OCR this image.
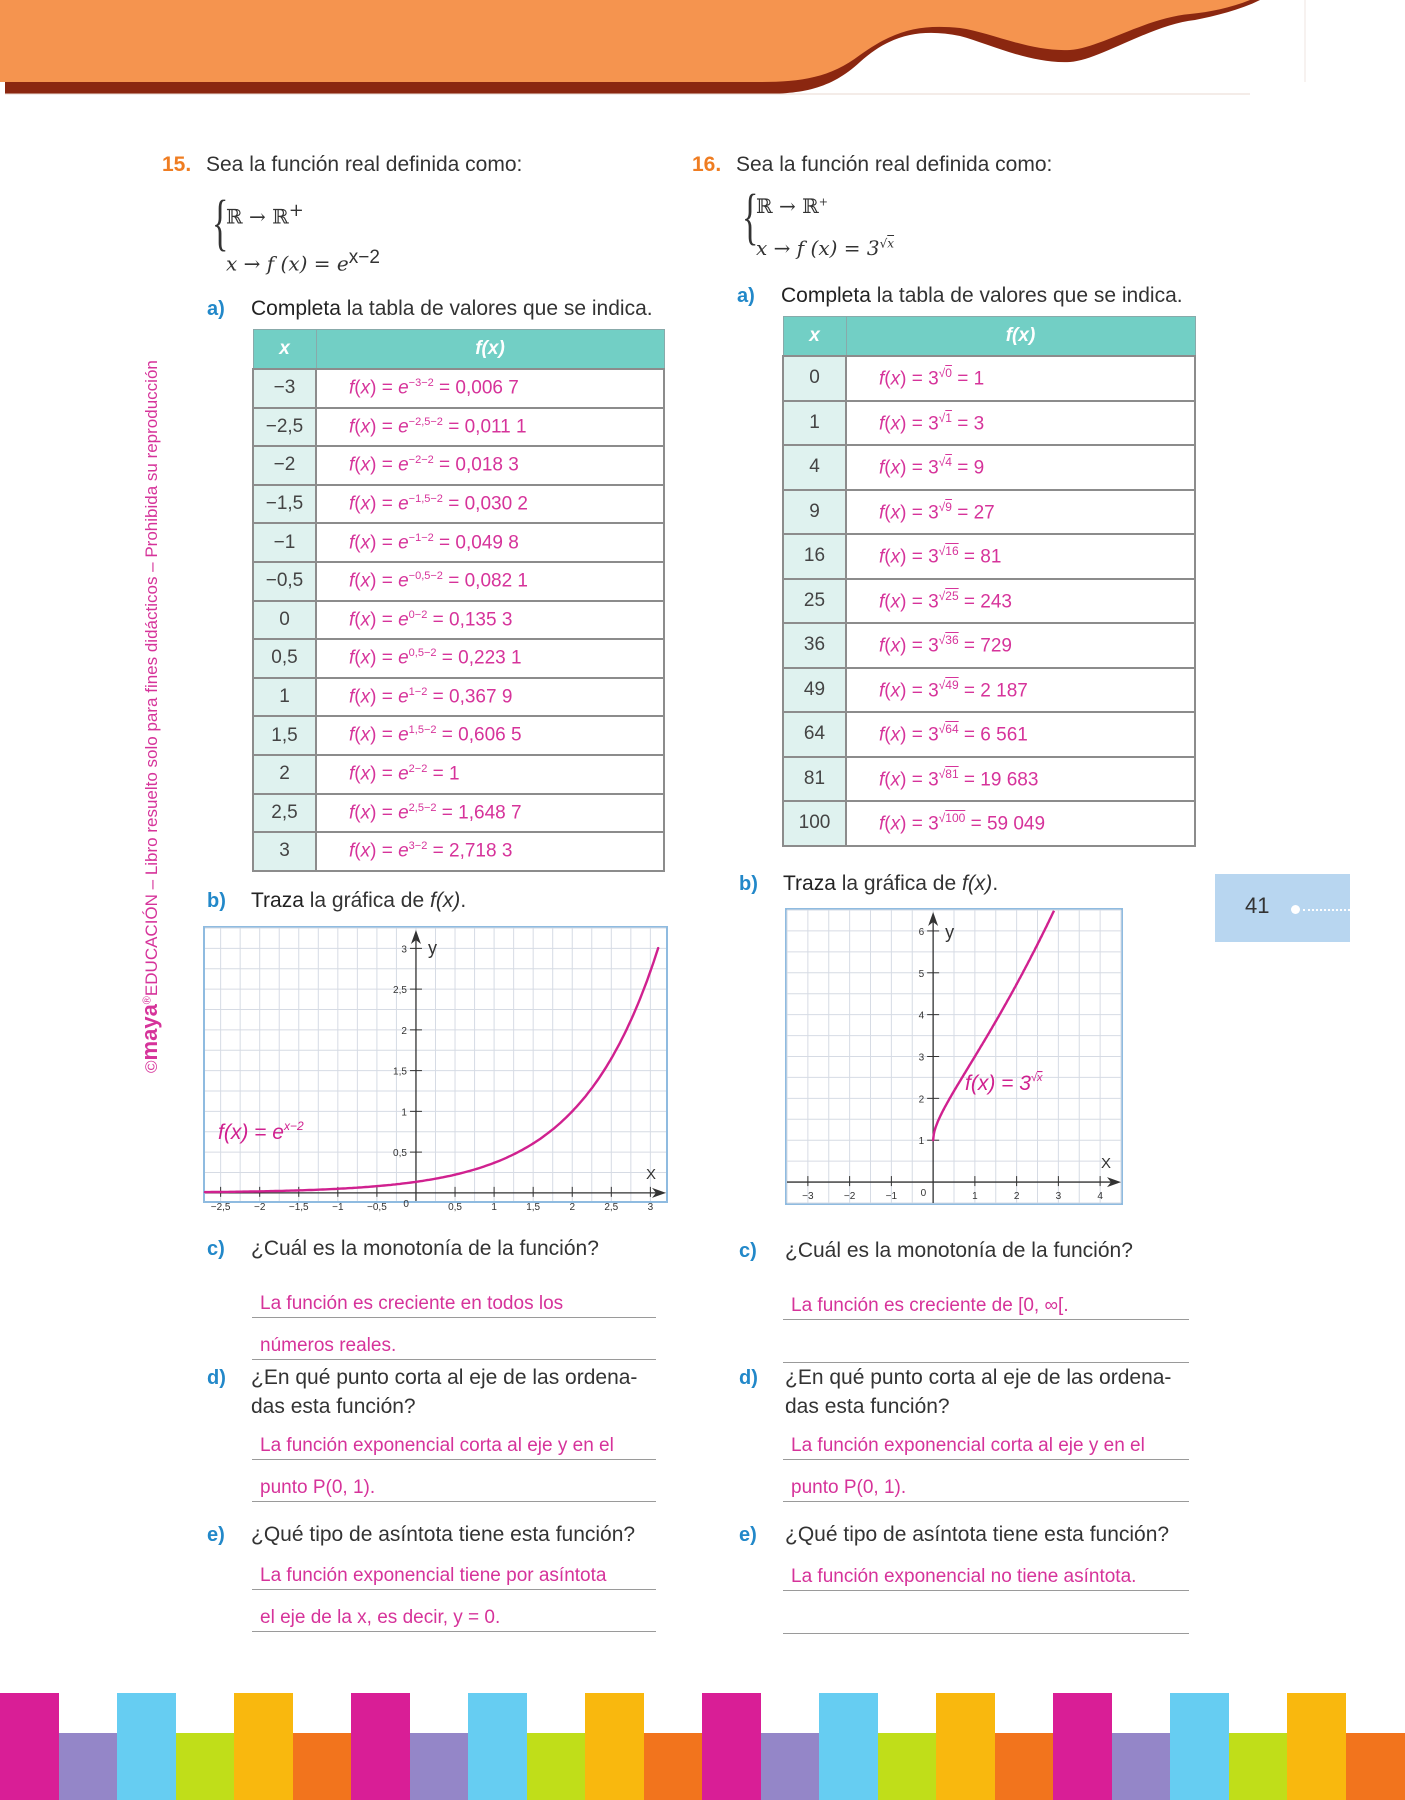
©maya®EDUCACIÓN – Libro resuelto solo para fines didácticos – Prohibida su reproducción	41
15. Sea la función real definida como:
{
ℝ → ℝ+
x → f $(x) = e^{x-2}$
a) Completa la tabla de valores que se indica.
x	f(x)
−3	$f(x) = e^{-3-2} = 0,006$ 7
−2,5	$f(x) = e^{-2,5-2} = 0,011$ 1
−2	$f(x) = e^{-2-2} = 0,018$ 3
−1,5	$f(x) = e^{-1,5-2} = 0,030$ 2
−1	$f(x) = e^{-1-2} = 0,049$ 8
−0,5	$f(x) = e^{-0,5-2} = 0,082$ 1
0	$f(x) = e^{0-2} = 0,135$ 3
0,5	$f(x) = e^{0,5-2} = 0,223$ 1
1	$f(x) = e^{1-2} = 0,367$ 9
1,5	$f(x) = e^{1,5-2} = 0,606$ 5
2	$f(x) = e^{2-2} = 1$
2,5	$f(x) = e^{2,5-2} = 1,648$ 7
3	$f(x) = e^{3-2} = 2,718$ 3
b) Traza la gráfica de f(x).
−2,5 −2 −1,5 −1 −0,5	0,5	1	1,5	2	2,5	3
0,5
1
1,5
2
2,5
3
0
X
y
$f(x) = e^{x-2}$
c) ¿Cuál es la monotonía de la función?
La función es creciente en todos los
números reales.
d) ¿En qué punto corta al eje de las ordena-
das esta función?
La función exponencial corta al eje y en el
punto P(0, 1).
e) ¿Qué tipo de asíntota tiene esta función?
La función exponencial tiene por asíntota
el eje de la x, es decir, y = 0.
16. Sea la función real definida como:
{
ℝ → ℝ+
x → f $(x) = 3^{√x}$
a) Completa la tabla de valores que se indica.
x	f(x)
0	$f(x) = 3^{√0} = 1$
1	$f(x) = 3^{√1} = 3$
4	$f(x) = 3^{√4} = 9$
9	$f(x) = 3^{√9} = 27$
16	$f(x) = 3^{√16} = 81$
25	$f(x) = 3^{√25} = 243$
36	$f(x) = 3^{√36} = 729$
49	$f(x) = 3^{√49} = 2$ 187
64	$f(x) = 3^{√64} = 6$ 561
81	$f(x) = 3^{√81} = 19$ 683
100	$f(x) = 3^{√100} = 59$ 049
b) Traza la gráfica de f(x).
−3	−2	−1	1	2	3	4
1
2
3
4
5
6
0
X
y
f(x) = 3√x
c) ¿Cuál es la monotonía de la función?
La función es creciente de [0, ∞[.
d) ¿En qué punto corta al eje de las ordena-
das esta función?
La función exponencial corta al eje y en el
punto P(0, 1).
e) ¿Qué tipo de asíntota tiene esta función?
La función exponencial no tiene asíntota.
